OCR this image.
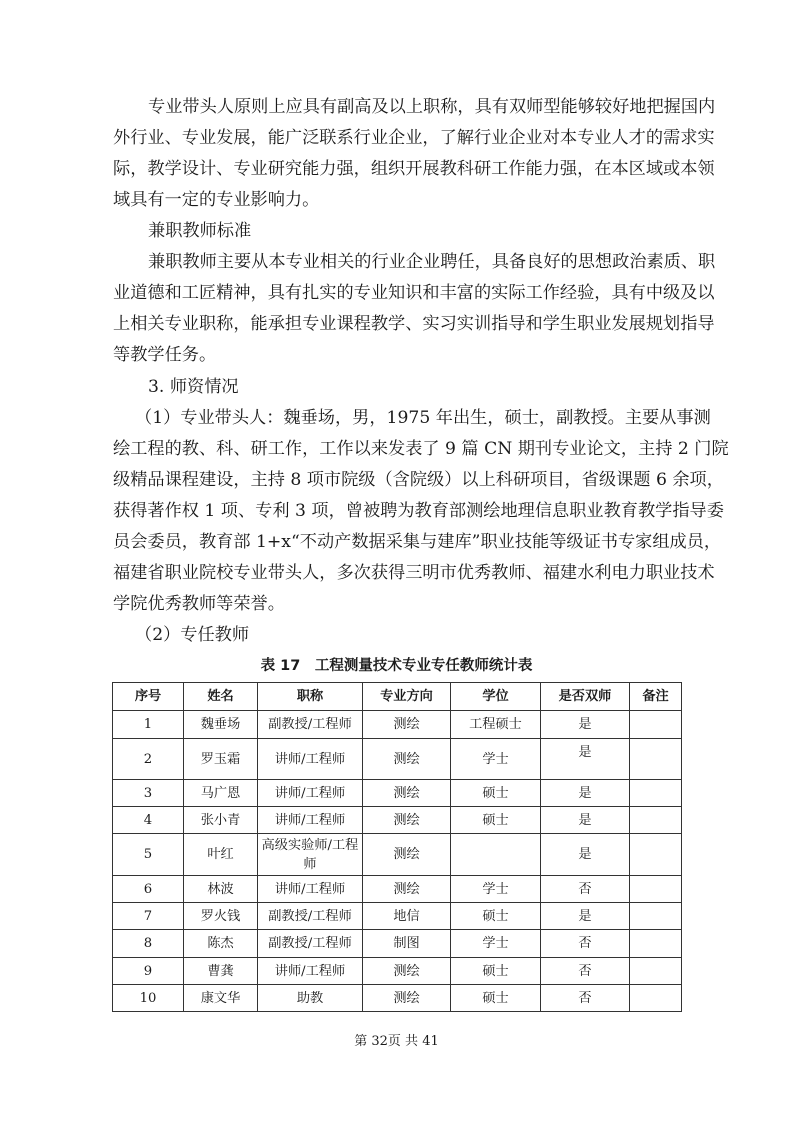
专业带头人原则上应具有副高及以上职称，具有双师型能够较好地把握国内
外行业、专业发展，能广泛联系行业企业，了解行业企业对本专业人才的需求实
际，教学设计、专业研究能力强，组织开展教科研工作能力强，在本区域或本领
域具有一定的专业影响力。
兼职教师标准
兼职教师主要从本专业相关的行业企业聘任，具备良好的思想政治素质、职
业道德和工匠精神，具有扎实的专业知识和丰富的实际工作经验，具有中级及以
上相关专业职称，能承担专业课程教学、实习实训指导和学生职业发展规划指导
等教学任务。
3. 师资情况
（1）专业带头人：魏垂场，男，1975 年出生，硕士，副教授。主要从事测
绘工程的教、科、研工作，工作以来发表了 9 篇 CN 期刊专业论文，主持 2 门院
级精品课程建设，主持 8 项市院级（含院级）以上科研项目，省级课题 6 余项，
获得著作权 1 项、专利 3 项，曾被聘为教育部测绘地理信息职业教育教学指导委
员会委员，教育部 1+x“不动产数据采集与建库”职业技能等级证书专家组成员，
福建省职业院校专业带头人，多次获得三明市优秀教师、福建水利电力职业技术
学院优秀教师等荣誉。
（2）专任教师
表 17　工程测量技术专业专任教师统计表
序号	姓名	职称	专业方向	学位	是否双师	备注
1	魏垂场	副教授/工程师	测绘	工程硕士	是	
2	罗玉霜	讲师/工程师	测绘	学士	是	
3	马广恩	讲师/工程师	测绘	硕士	是	
4	张小青	讲师/工程师	测绘	硕士	是	
5	叶红	高级实验师/工程师	测绘		是	
6	林波	讲师/工程师	测绘	学士	否	
7	罗火钱	副教授/工程师	地信	硕士	是	
8	陈杰	副教授/工程师	制图	学士	否	
9	曹龚	讲师/工程师	测绘	硕士	否	
10	康文华	助教	测绘	硕士	否	
第 32页 共 41
